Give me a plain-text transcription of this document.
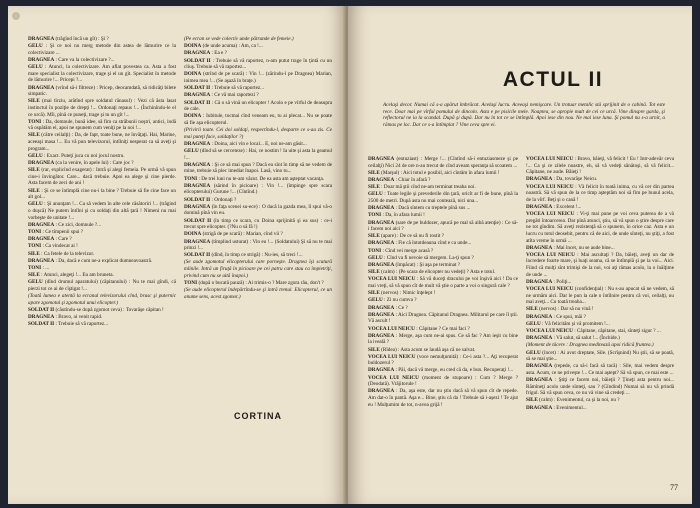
DRAGNEA (trăgînd încă un gît) : Şi ?

GELU : Şi ce noi nu merg metode din astea de lămurire ce la colectivizare ...

DRAGNEA : Care va la colectivizare ?...

GELU : Atunci, la colectivizare. Am aflat povestea ca. Asta a fost mare specialist la colectivizare, trage şi el un gît. Specialist în metode de lămurire !... Pricepi ?...

DRAGNEA (vrînd să-i filtreze) : Pricep, deocamdată, să ridicăţi bilete simpatic.

SILE (mai tîrziu, arătînd spre soldatul rănasul) : Vezi că ăsta lasat instinctul în poziţie de drepţi !... Ordonaţi repaus !... (Închinîndu-le el ce urcă). Mîi, pînă ce puneţi, trage şi tu un gît !...

TONI : Da, domnule, bună idee, să fim ca străbunii noştri, antici, indă vă ospătăm el, apoi ne spunem cum veniţi pe la noi !...

SILE (către ceilalţi) : Da, de fapt, toate bune, ne învăţaţi. Hai, Marine, aceeaşi masa !... Eu vă pun televizorul, intîlniţi nesperat ca să aveţi şi program...

GELU : Exact. Puteţi juca cu noi jocul nostru.

DRAGNEA (ca la venire, în apele lui) : Care joc ?

SILE (rar, explicînd exagerat) : Intră şi alegi femeia. Pe urmă vă spun cine-i învingător. Care... dacă trebuie. Apoi ea alege şi cine pierde. Asta facem de zeci de ani !

SILE : Şi ce se întîmplă cine nu-i la bine ? Trebuie să fie cine face un alt gol...

GELU : Şi anunţam !... Ca să vedem în alte cele căsătoriri !... (trăgind o duşcă) Ne putem întîlni şi cu soldaţi din altă ţară ! Nimeni nu mai vorbeşte de unitate !...

DRAGNEA : Ce zici, domnule ?...

TONI : Ce tîmpenii spui ?

DRAGNEA : Care ?

TONI : Ca vindecat ai !

SILE : Ca fetele de la televizor.

DRAGNEA : Da, dacă e cum ne-a explicat dumneavoastră.

TONI : ...

SILE : Atunci, alegeţi !... Eu am bruneta.

GELU (dînd drumul aparatului) (căpitanului) : Nu te mai gîndi, că pierzi tot ce ai de cîştigat !...

(Toată lumea e atentă la ecranul televizorului cînd, brusc şi puternic apare zgomotul şi zgomotul unui elicopter.)

SOLDAT II (căutîndu-se după zgomot ceva) : Tovarăşe căpitan !

DRAGNEA : Bravo, ai venit rapid.

SOLDAT II : Trebuie să vă raportez...

(Pe ecran se vede colectiv unde pătrunde de femeie.)

DOINA (de unde acuma) : Am, ca !...

DRAGNEA : Ea e ?

SOLDAT II : Trebuie să vă raportez, n-am putut trage în ţintă cu un cliuş. Trebuie să vă raportez...

DOINA (strînd de pe scară) : Vin !... (zărindu-l pe Dragnea) Marian, inimea mea !... (Se aşază în braţe.)

SOLDAT II : Trebuie să vă raportez...

DRAGNEA : Ce vă mai raportezi ?

SOLDAT II : Că o să vină un elicopter ! Acolo e pe vîrful de deasupra de cale.

DOINA : Iubitule, tocmai cînd veneam eu, tu ai plecat... Nu se poate să fie aşa elicopterul.

(Privirii toate. Cei doi soldaţi, respectîndu-l, desparte ce s-au zis. Ce mai puteţi face, soldaţilor ?)

DRAGNEA : Doina, aici vin e local... E, noi ne-am găsit...

GELU (dînd să se cerceteze) : Hai, ce nostim ! Ia uite şi asta la geamul !...

DRAGNEA : Şi ce să mai spun ? Dacă eu sînt în timp să ne vedem de mine, trebuie să plec imediat înapoi. Lasă, vino tu...

TONI : De trei luni nu te-am văzut. De ea asta am aşteptat vacanţa.

DRAGNEA (sărind în picioare) : Vin !... (împinge spre scara elicopterului) Gurune !... (Cîntînd.)

SOLDAT II : Ordonaţi ?

DRAGNEA (în faţa scenei su-ece) : O dacă la gazda mea, îl spui vă-o domină pînă vin eu.

SOLDAT II (în timp ce scara, cu Doina sprijinită şi ea sus) : ce-i trecut spre elicopter. (?Nu o să fă !)

DOINA (strigă de pe scară) : Marian, cînd vii ?

DRAGNEA (tîmplind usturat) : Vin eu !... (Soldatului) Şi să nu te mai prinzi !...

SOLDAT II (dînd, în timp ce strigă) : Nu-ies, să treci !...

(Se aude zgomotul elicopterului care porneşte. Dragnea îşi scutură mîinile. Intră un firuţă în picioare pe cei patru care stau ca împietriţi, privind cum nu se uită înapoi.)

TONI (după o bucată pauză) : Ai trimis-o ? Mare zgura rău, don't ?

(Se aude elicopterul îndepărtîndu-se şi intră trenul. Elicopterul, ce un anume sens, acest zgomot.)

CORTINA
ACTUL II
Acelaşi decor. Numai că s-a apărut îmbrăcat. Acelaşi lucru. Aceeaşi nemişcare. Un trotuar metalic stă sprijinit de o cabină. Tot este rece. Doar mai pe vîrful pomului de dincolo. Asta e pe pisicile mele. Noaptea, se apropie mult de cei ce urcă. Vine dinspre garda, şi reflectorul ne ia la scandal. După şi după. Dar nu în tot ce se întîmplă. Apoi iese din nou. Ne mai iese luna. Şi pomul nu s-a urnit, a rămas pe loc. Dar ce s-a întîmplat ? Vine ceva spre ei.

DRAGNEA (entuziast) : Merge !... (Cîntînd să-i entuziasmeze şi pe ceilalţi) Nici 24 de ore n-au trecut de cînd aveam speranţa să scoatem ...

SILE (Marşul) : Aici totul e posibil, aici cîntăm în afara lumii !

DRAGNEA : Chiar în afară ?

SILE : Doar mă ştii cînd ne-am terminat treaba noi.

GELU : Toate legile şi prevederile din ţară, oricît ar fi de bune, pînă la 2500 de metri. După asta nu mai contează, nici una...

DRAGNEA : Dacă sîntem cu treptele pînă sus ...

TONI : Da, în afara lumii !

DRAGNEA (sare de pe buldozer, apucă pe mal să aibă atenţie) : Ce să-i facem noi aici ?

SILE (apare) : De ce să nu fi rostit ?

DRAGNEA : Fie că întotdeauna cînd e ca unde...

TONI : Cînd vei merge acasă ?

GELU : Cînd va fi nevoie să mergem. La-ţi spun ?

DRAGNEA (împăcat) : Şi aşa pe terminat ?

SILE (calm) : (Pe scara de elicopter nu vedeţi) ? Asta e totul.

VOCEA LUI NEICU : Să vă duceţi dracului pe voi înşivă aici ! Da ce mai vreţi, să vă spun cît de mult vă ştie o parte a voi o singură cale ?

SILE (nervos) : Nimic înţelept !

GELU : Zi nu cumva ?

DRAGNEA : Ce ?

DRAGNEA : Aici Dragnea. Căpitanul Dragnea. Militarul pe care îl ştii. Vă ascult !

VOCEA LUI NEICU : Căpitane ? Ce mai faci ?

DRAGNEA : Merge, aşa cum ne-ai spus. Ce să fac ? Am ieşit cu bine la iveală ?

SILE (Rîdea) : Asta acum se laudă aşa că ne salvat.

VOCEA LUI NEICU (voce nemulţumită) : Ce-i asta ?... Aţi recuperat buldozerul ?

DRAGNEA : Păi, dacă vă merge, eu cred că da, e bun. Recuperaţi !...

VOCEA LUI NEICU (moment de stupoare) : Cum ? Merge ? (Deodată). Vrăjitorule !

DRAGNEA : Da, aşa este, dar nu ştiu dacă să vă spun cît de repede. Am dat-o în pantă. Aşa e... Bine, ştiu că da ! Trebuie să i-aşezi ! Te ajut eu ! Mulţumim de tot, n-avea grijă !

VOCEA LUI NEICU : Bravo, băieţi, vă felicit ! Eu ! Intr-adevăr ceva !... Ca şi ce zilele noastre, eh, să vă vedeţi sănătoşi, să vă felicit... Căpitane, ne aude. Băieţi !

DRAGNEA : Da, tovarăşe Neicu.

VOCEA LUI NEICU : Vă felicit în toată inima, cu vă cer din partea noastră. Să vă spun de la ce timp aşteptăm noi să fim pe bunul acela, de la vîrf. Beţi şi o cană !

DRAGNEA : Excelent !...

VOCEA LUI NEICU : Vi-ţi mai pune pe voi ceva puterea de a vă pregăti întoarcerea. Dar pînă atunci, ştiu, să vă spun o ştire despre care ne tot gîndim. Să aveţi rezistenţă să o spunem, în orice caz. Asta e un lucru cu totul deosebit, pentru că de aici, de unde sînteţi, nu ştiţi, a fost atîta vreme în urmă ...

DRAGNEA : Mai încet, nu se aude bine...

VOCEA LUI NEICU : Mai ascultaţi ? Da, băieţi, aveţi un dar de încredere foarte mare, şi luaţi seama, că se întîmplă şi pe la voi... Aici. Fiind că mulţi sînt trimişi de la noi, voi aţi rămas acolo, la o înălţime de unde ...

DRAGNEA : Poliţi...

VOCEA LUI NEICU (confidenţial) : Nu s-au apucat să ne vedem, să ne urmăm aici. Dar le pun la cale o întîlnire pentru că voi, ceilalţi, nu mai aveţi... Cu toată treaba...

SILE (nervos) : Dar să nu vină !

DRAGNEA : Ce spui, măi ?

GELU : Vă felicităm şi vă promitem !...

VOCEA LUI NEICU : Căpitane, căpitane, stai, sînteţi sigur ? ...

DRAGNEA : Vă salut, să salut !... (Închide.)

(Moment de tăcere : Dragnea meditează apoi ridică fruntea.)

GELU (încet) : Ai avut dreptate, Sile. (Scrîşnind) Nu ştii, să se poată, să se mai ştie...

DRAGNEA (repede, ca să-i facă să tacă) : Sile, mai vedem despre asta. Acum, ce ne priveşte !... Ce mai aştept? Să vă spun, ce mai este ...

DRAGNEA : Ştiţi ce facem noi, băieţii ? Ţineţi asta pentru noi... Rămîneţi acolo unde sînteţi, sau ? (Gîndind) Numai să nu vă prindă frigul. Să vă spun ceva, ce nu vă vine să credeţi ...

SILE (calm) : Evenimentul, ca şi la noi, nu ?

DRAGNEA : Evenimentul...

77
